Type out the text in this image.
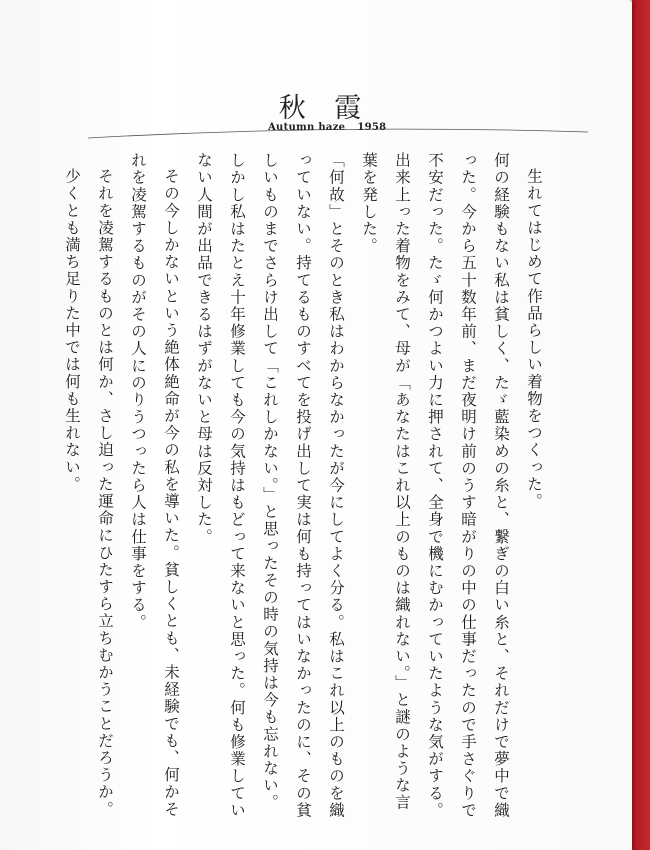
秋 霞
Autumn haze 1958

生れてはじめて作品らしい着物をつくった。

何の経験もない私は貧しく、たゞ藍染めの糸と、繋ぎの白い糸と、それだけで夢中で織った。今から五十数年前、まだ夜明け前のうす暗がりの中の仕事だったので手さぐりで不安だった。たゞ何かつよい力に押されて、全身で機にむかっていたような気がする。出来上った着物をみて、母が「あなたはこれ以上のものは織れない。」と謎のような言葉を発した。

「何故」とそのとき私はわからなかったが今にしてよく分る。私はこれ以上のものを織っていない。持てるものすべてを投げ出して実は何も持ってはいなかったのに、その貧しいものまでさらけ出して「これしかない。」と思ったその時の気持は今も忘れない。

しかし私はたとえ十年修業しても今の気持はもどって来ないと思った。何も修業していない人間が出品できるはずがないと母は反対した。

その今しかないという絶体絶命が今の私を導いた。貧しくとも、未経験でも、何かそれを凌駕するものがその人にのりうつったら人は仕事をする。

それを凌駕するものとは何か、さし迫った運命にひたすら立ちむかうことだろうか。

少くとも満ち足りた中では何も生れない。
